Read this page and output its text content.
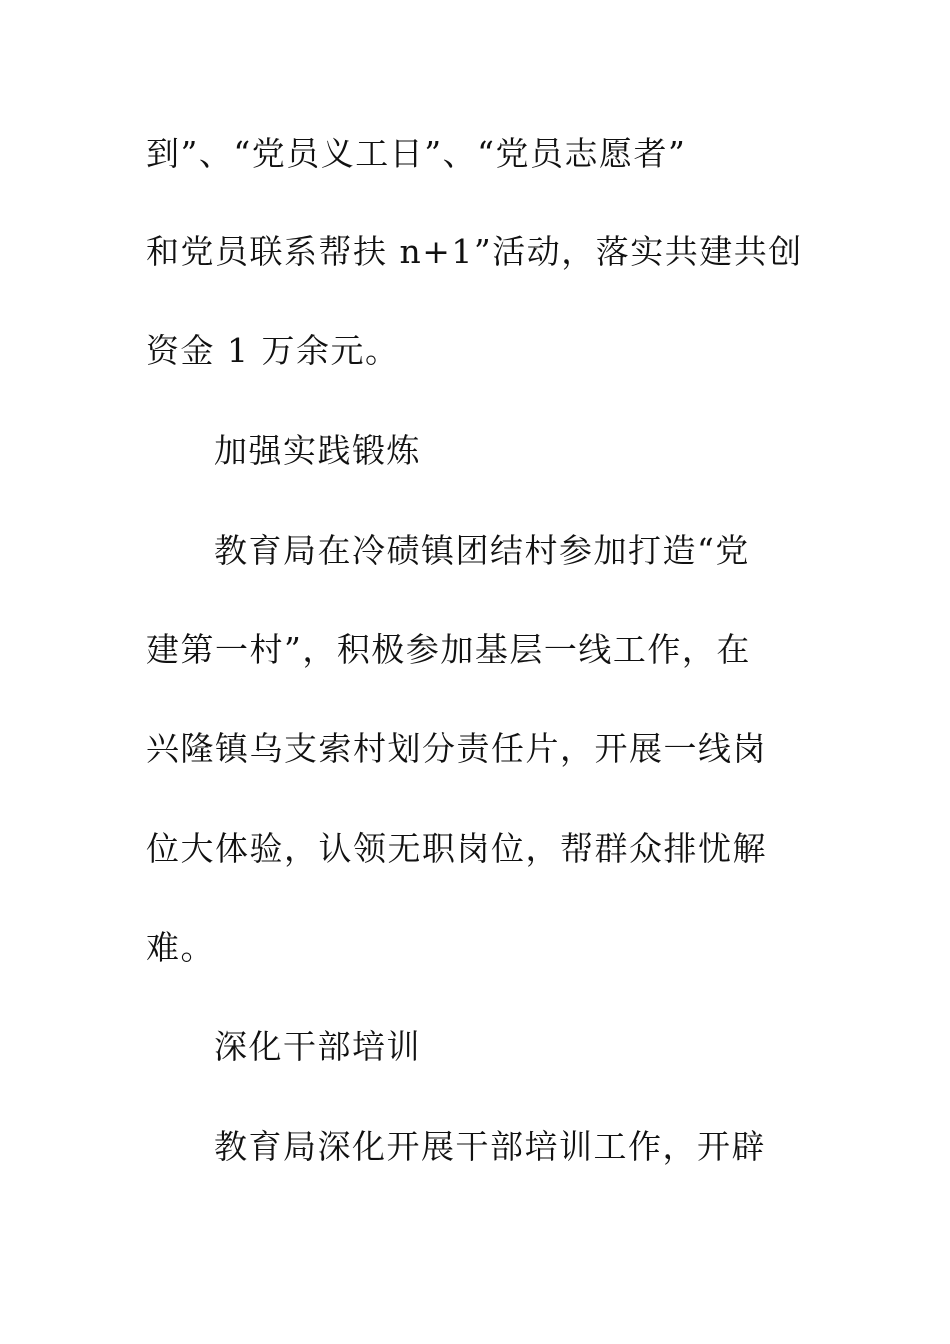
到”、“党员义工日”、“党员志愿者”

和党员联系帮扶 n+1”活动，落实共建共创

资金 1 万余元。

加强实践锻炼

教育局在冷碛镇团结村参加打造“党

建第一村”，积极参加基层一线工作，在

兴隆镇乌支索村划分责任片，开展一线岗

位大体验，认领无职岗位，帮群众排忧解

难。

深化干部培训

教育局深化开展干部培训工作，开辟
